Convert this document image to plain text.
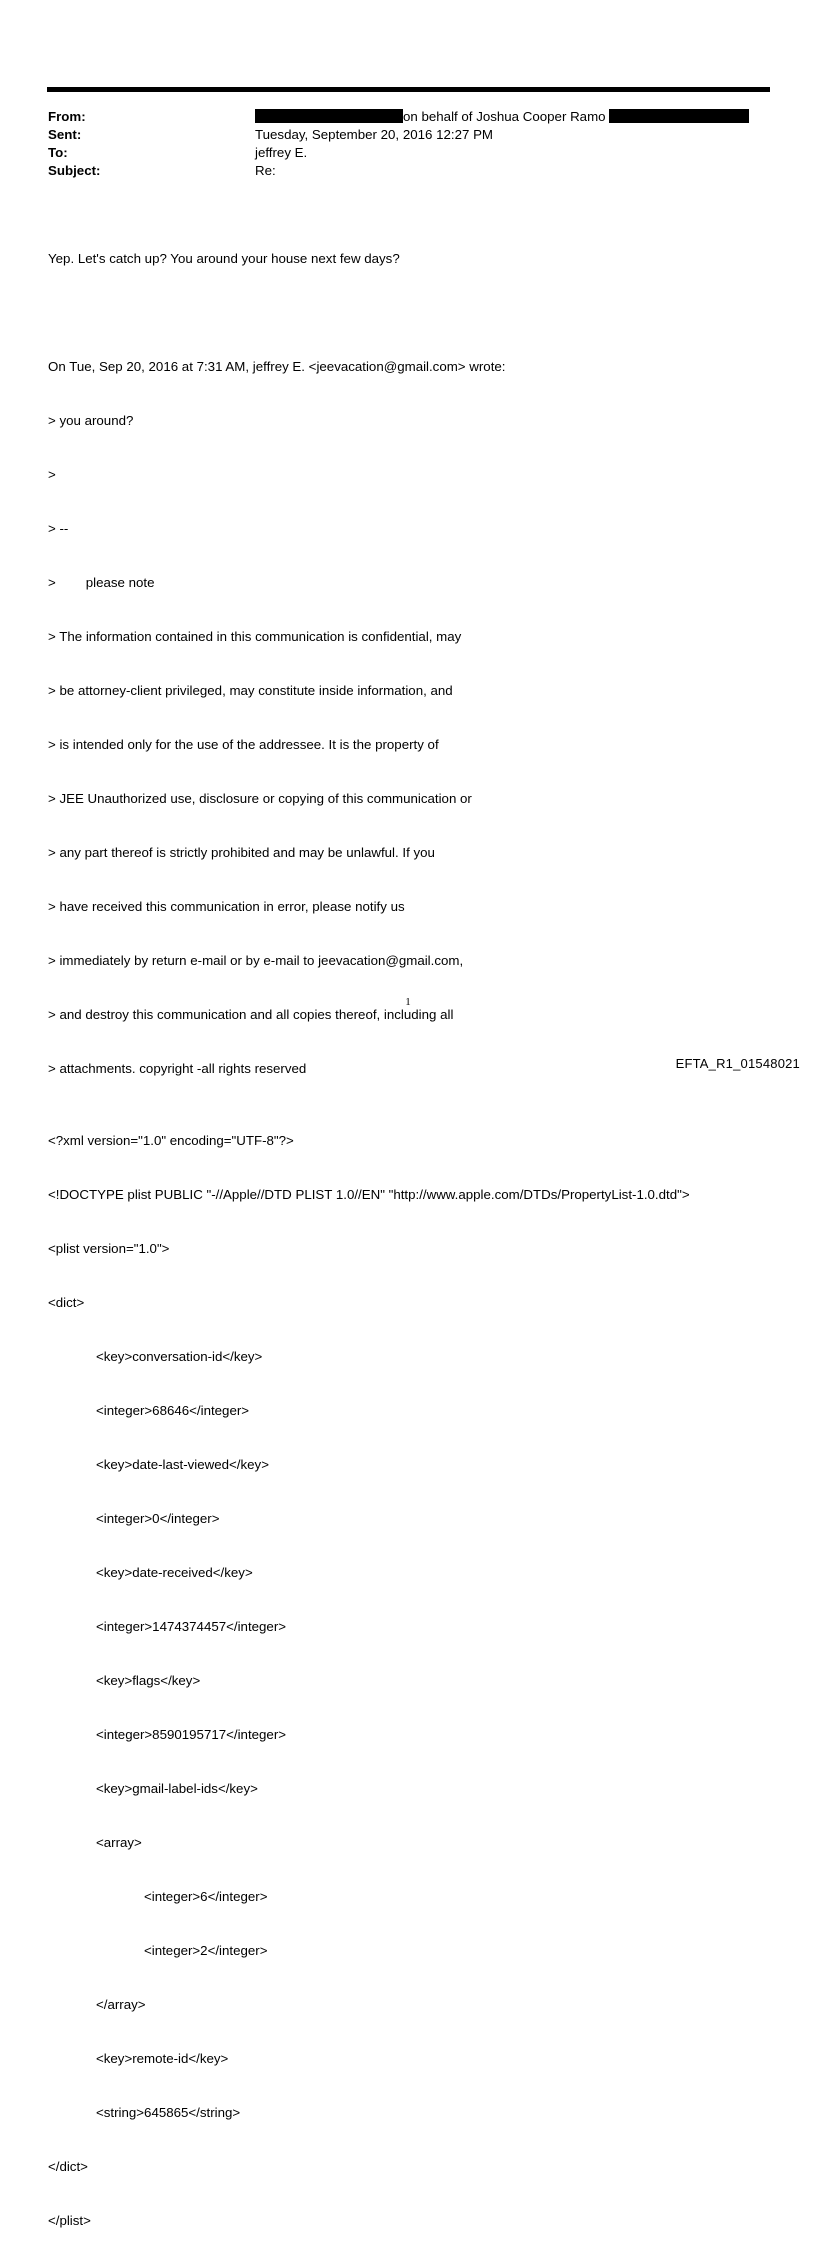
From:	on behalf of Joshua Cooper Ramo
Sent:	Tuesday, September 20, 2016 12:27 PM
To:	jeffrey E.
Subject:	Re:

Yep. Let's catch up? You around your house next few days?

On Tue, Sep 20, 2016 at 7:31 AM, jeffrey E. <jeevacation@gmail.com> wrote:

> you around?

>

> --

> please note

> The information contained in this communication is confidential, may

> be attorney-client privileged, may constitute inside information, and

> is intended only for the use of the addressee. It is the property of

> JEE Unauthorized use, disclosure or copying of this communication or

> any part thereof is strictly prohibited and may be unlawful. If you

> have received this communication in error, please notify us

> immediately by return e-mail or by e-mail to jeevacation@gmail.com,

> and destroy this communication and all copies thereof, including all

> attachments. copyright -all rights reserved

<?xml version="1.0" encoding="UTF-8"?>

<!DOCTYPE plist PUBLIC "-//Apple//DTD PLIST 1.0//EN" "http://www.apple.com/DTDs/PropertyList-1.0.dtd">

<plist version="1.0">

<dict>

<key>conversation-id</key>

<integer>68646</integer>

<key>date-last-viewed</key>

<integer>0</integer>

<key>date-received</key>

<integer>1474374457</integer>

<key>flags</key>

<integer>8590195717</integer>

<key>gmail-label-ids</key>

<array>

<integer>6</integer>

<integer>2</integer>

</array>

<key>remote-id</key>

<string>645865</string>

</dict>

</plist>

1
EFTA_R1_01548021
